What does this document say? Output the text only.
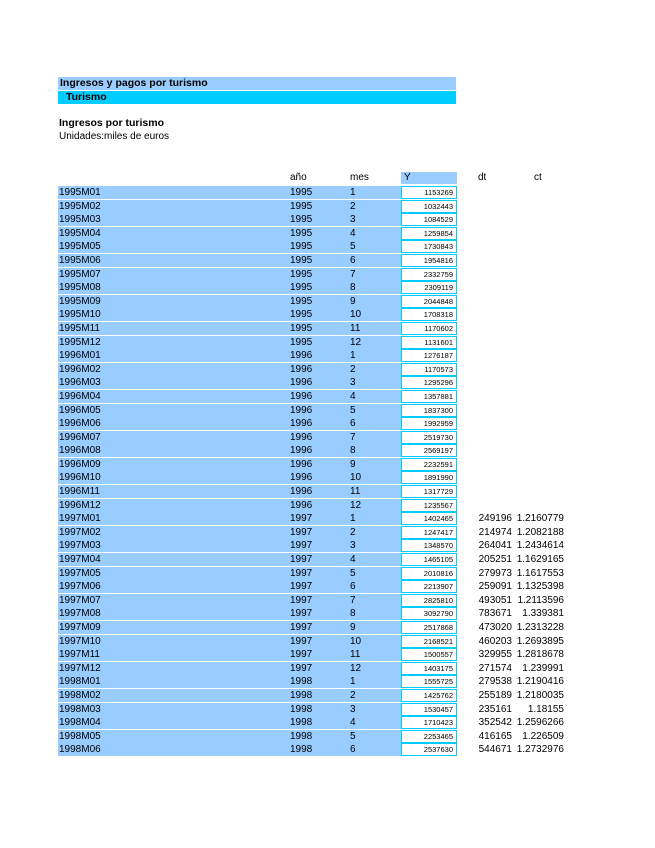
Ingresos y pagos por turismo
Turismo
Ingresos por turismo
Unidades:miles de euros
año	mes	Y	dt	ct
1995M01	1995	1	1153269
1995M02	1995	2	1032443
1995M03	1995	3	1084529
1995M04	1995	4	1259854
1995M05	1995	5	1730843
1995M06	1995	6	1954816
1995M07	1995	7	2332759
1995M08	1995	8	2309119
1995M09	1995	9	2044848
1995M10	1995	10	1708318
1995M11	1995	11	1170602
1995M12	1995	12	1131601
1996M01	1996	1	1276187
1996M02	1996	2	1170573
1996M03	1996	3	1295296
1996M04	1996	4	1357881
1996M05	1996	5	1837300
1996M06	1996	6	1992959
1996M07	1996	7	2519730
1996M08	1996	8	2569197
1996M09	1996	9	2232591
1996M10	1996	10	1891990
1996M11	1996	11	1317729
1996M12	1996	12	1235567
1997M01	1997	1	1402465	249196 1.2160779
1997M02	1997	2	1247417	214974 1.2082188
1997M03	1997	3	1348570	264041 1.2434614
1997M04	1997	4	1465105	205251 1.1629165
1997M05	1997	5	2010816	279973 1.1617553
1997M06	1997	6	2213907	259091 1.1325398
1997M07	1997	7	2825810	493051 1.2113596
1997M08	1997	8	3092790	783671	1.339381
1997M09	1997	9	2517868	473020 1.2313228
1997M10	1997	10	2168521	460203 1.2693895
1997M11	1997	11	1500557	329955 1.2818678
1997M12	1997	12	1403175	271574	1.239991
1998M01	1998	1	1555725	279538 1.2190416
1998M02	1998	2	1425762	255189 1.2180035
1998M03	1998	3	1530457	235161	1.18155
1998M04	1998	4	1710423	352542 1.2596266
1998M05	1998	5	2253465	416165	1.226509
1998M06	1998	6	2537630	544671 1.2732976
